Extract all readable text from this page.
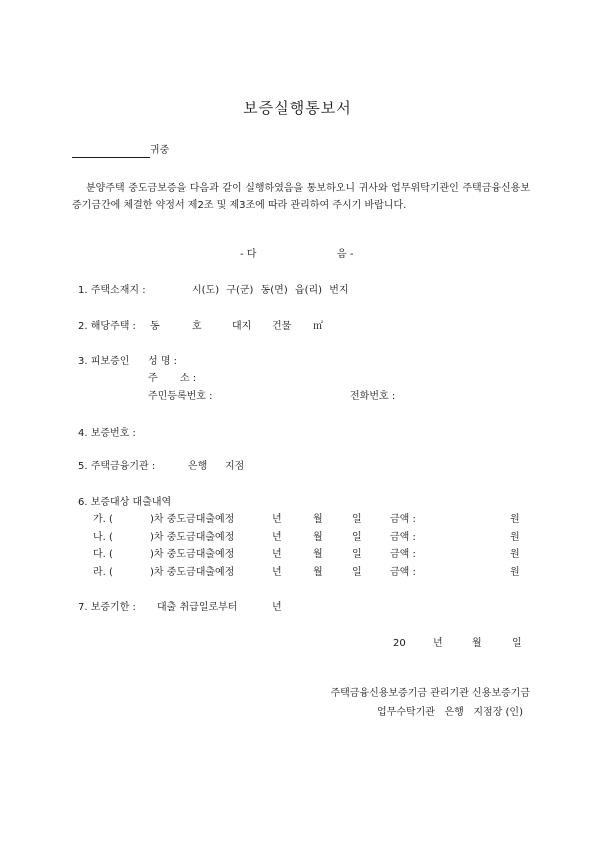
보증실행통보서
귀중
분양주택 중도금보증을 다음과 같이 실행하였음을 통보하오니 귀사와 업무위탁기관인 주택금융신용보증기금간에 체결한 약정서 제2조 및 제3조에 따라 관리하여 주시기 바랍니다.
- 다	음 -
1. 주택소재지 :	시(도) 구(군) 동(면) 읍(리) 번지
2. 해당주택 : 동	호	대지 건물 ㎡
3. 피보증인 성 명 :
주       소 :
주민등록번호 :	전화번호 :
4. 보증번호 :
5. 주택금융기관 :	은행 지점
6. 보증대상 대출내역
가. (	)차 중도금대출예정	년	월	일	금액 :	원
나. (	)차 중도금대출예정	년	월	일	금액 :	원
다. (	)차 중도금대출예정	년	월	일	금액 :	원
라. (	)차 중도금대출예정	년	월	일	금액 :	원
7. 보증기한 : 대출 취급일로부터	년
20	년	월	일
주택금융신용보증기금 관리기관 신용보증기금
업무수탁기관   은행   지점장 (인)
